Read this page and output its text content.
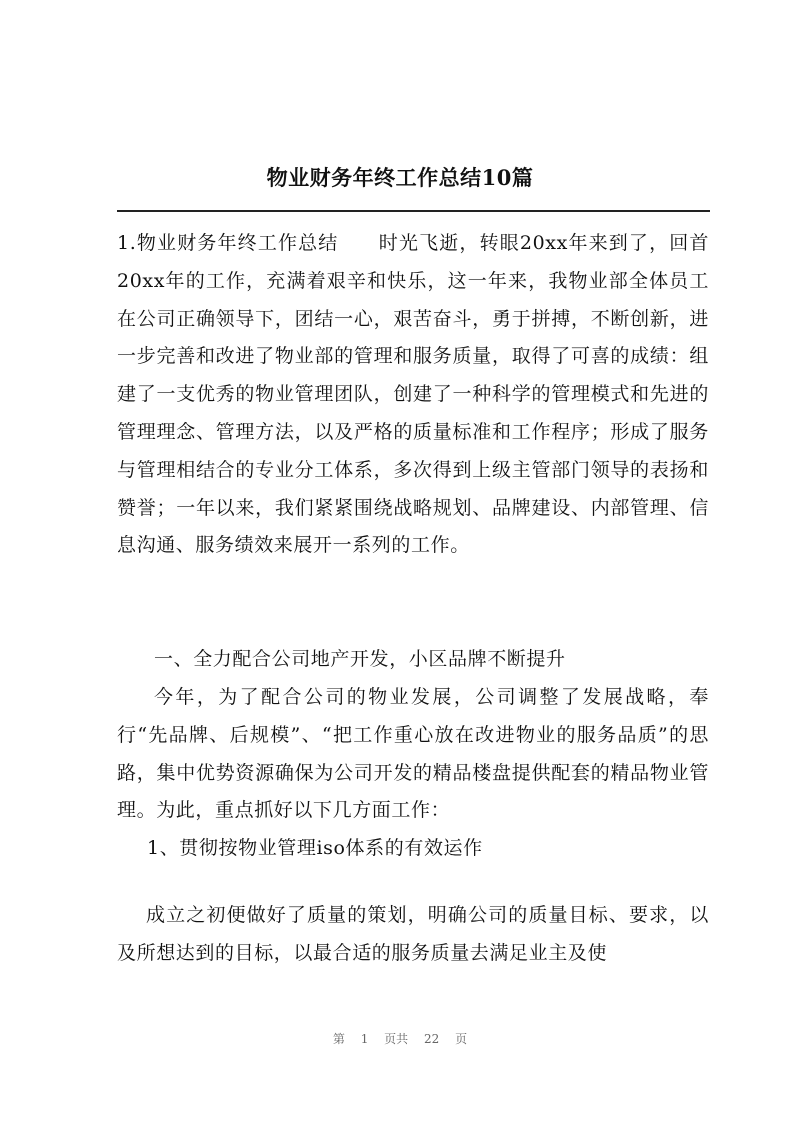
物业财务年终工作总结10篇

1.物业财务年终工作总结　　时光飞逝，转眼20xx年来到了，回首20xx年的工作，充满着艰辛和快乐，这一年来，我物业部全体员工在公司正确领导下，团结一心，艰苦奋斗，勇于拼搏，不断创新，进一步完善和改进了物业部的管理和服务质量，取得了可喜的成绩：组建了一支优秀的物业管理团队，创建了一种科学的管理模式和先进的管理理念、管理方法，以及严格的质量标准和工作程序；形成了服务与管理相结合的专业分工体系，多次得到上级主管部门领导的表扬和赞誉；一年以来，我们紧紧围绕战略规划、品牌建设、内部管理、信息沟通、服务绩效来展开一系列的工作。

一、全力配合公司地产开发，小区品牌不断提升

今年，为了配合公司的物业发展，公司调整了发展战略，奉行“先品牌、后规模”、“把工作重心放在改进物业的服务品质”的思路，集中优势资源确保为公司开发的精品楼盘提供配套的精品物业管理。为此，重点抓好以下几方面工作：

1、贯彻按物业管理iso体系的有效运作

成立之初便做好了质量的策划，明确公司的质量目标、要求，以及所想达到的目标，以最合适的服务质量去满足业主及使

第 1 页共 22 页
